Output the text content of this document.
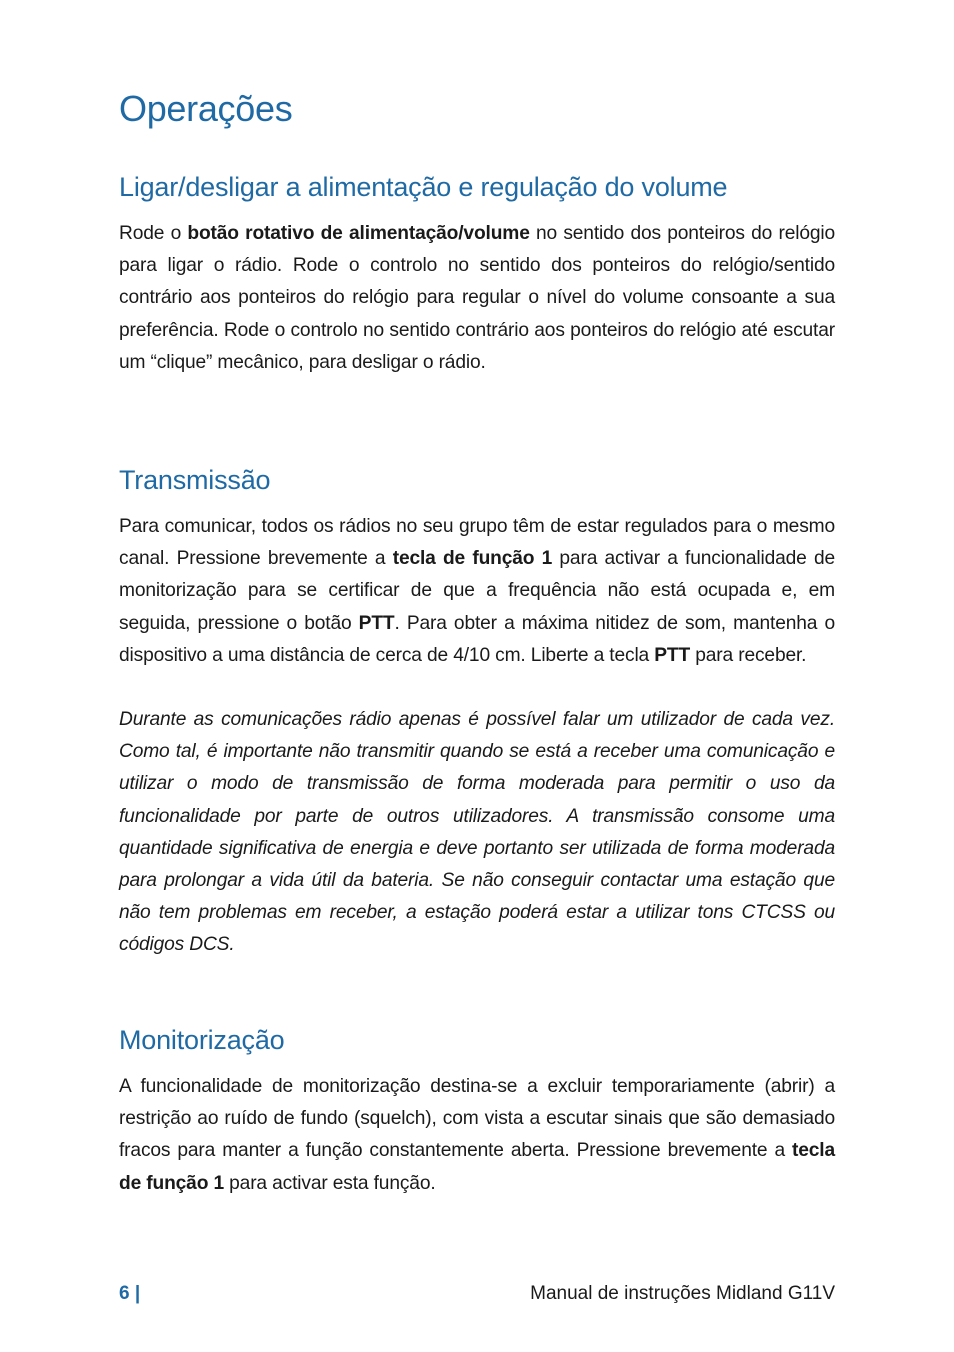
Operações
Ligar/desligar a alimentação e regulação do volume

Rode o botão rotativo de alimentação/volume no sentido dos ponteiros do relógio para ligar o rádio. Rode o controlo no sentido dos ponteiros do relógio/sentido contrário aos ponteiros do relógio para regular o nível do volume consoante a sua preferência. Rode o controlo no sentido contrário aos ponteiros do relógio até escutar um “clique” mecânico, para desligar o rádio.

Transmissão

Para comunicar, todos os rádios no seu grupo têm de estar regulados para o mesmo canal. Pressione brevemente a tecla de função 1 para activar a funcionalidade de monitorização para se certificar de que a frequência não está ocupada e, em seguida, pressione o botão PTT. Para obter a máxima nitidez de som, mantenha o dispositivo a uma distância de cerca de 4/10 cm. Liberte a tecla PTT para receber.

Durante as comunicações rádio apenas é possível falar um utilizador de cada vez. Como tal, é importante não transmitir quando se está a receber uma comunicação e utilizar o modo de transmissão de forma moderada para permitir o uso da funcionalidade por parte de outros utilizadores. A transmissão consome uma quantidade significativa de energia e deve portanto ser utilizada de forma moderada para prolongar a vida útil da bateria. Se não conseguir contactar uma estação que não tem problemas em receber, a estação poderá estar a utilizar tons CTCSS ou códigos DCS.

Monitorização

A funcionalidade de monitorização destina-se a excluir temporariamente (abrir) a restrição ao ruído de fundo (squelch), com vista a escutar sinais que são demasiado fracos para manter a função constantemente aberta. Pressione brevemente a tecla de função 1 para activar esta função.

6 |	Manual de instruções Midland G11V
